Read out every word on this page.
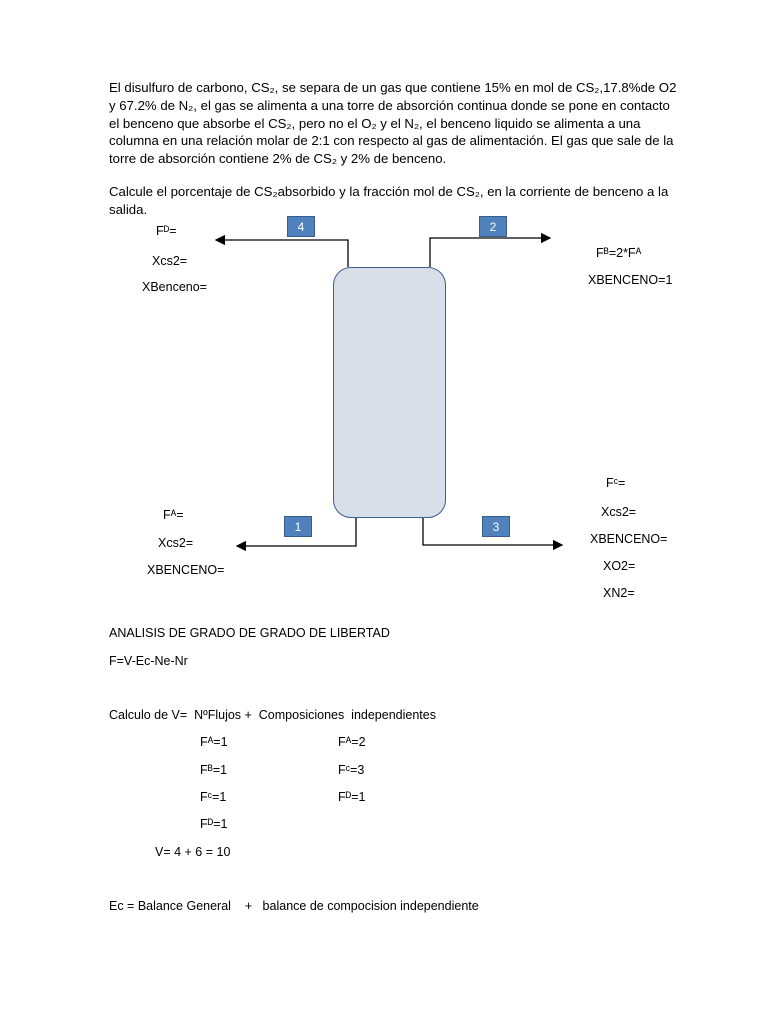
El disulfuro de carbono, CS₂, se separa de un gas que contiene 15% en mol de CS₂,17.8%de O2
y 67.2% de N₂, el gas se alimenta a una torre de absorción continua donde se pone en contacto
el benceno que absorbe el CS₂, pero no el O₂ y el N₂, el benceno liquido se alimenta a una
columna en una relación molar de 2:1 con respecto al gas de alimentación. El gas que sale de la
torre de absorción contiene 2% de CS₂ y 2% de benceno.
Calcule el porcentaje de CS₂absorbido y la fracción mol de CS₂, en la corriente de benceno a la
salida.
4	2
1	3
Fᴰ=
Xcs2=
XBenceno=
Fᴮ=2*Fᴬ
XBENCENO=1
Fᴬ=
Xcs2=
XBENCENO=
Fᶜ=
Xcs2=
XBENCENO=
XO2=
XN2=
ANALISIS DE GRADO DE GRADO DE LIBERTAD
F=V-Ec-Ne-Nr
Calculo de V=  NºFlujos +  Composiciones  independientes
Fᴬ=1
Fᴮ=1
Fᶜ=1
Fᴰ=1
Fᴬ=2
Fᶜ=3
Fᴰ=1
V= 4 + 6 = 10
Ec = Balance General    +   balance de compocision independiente
